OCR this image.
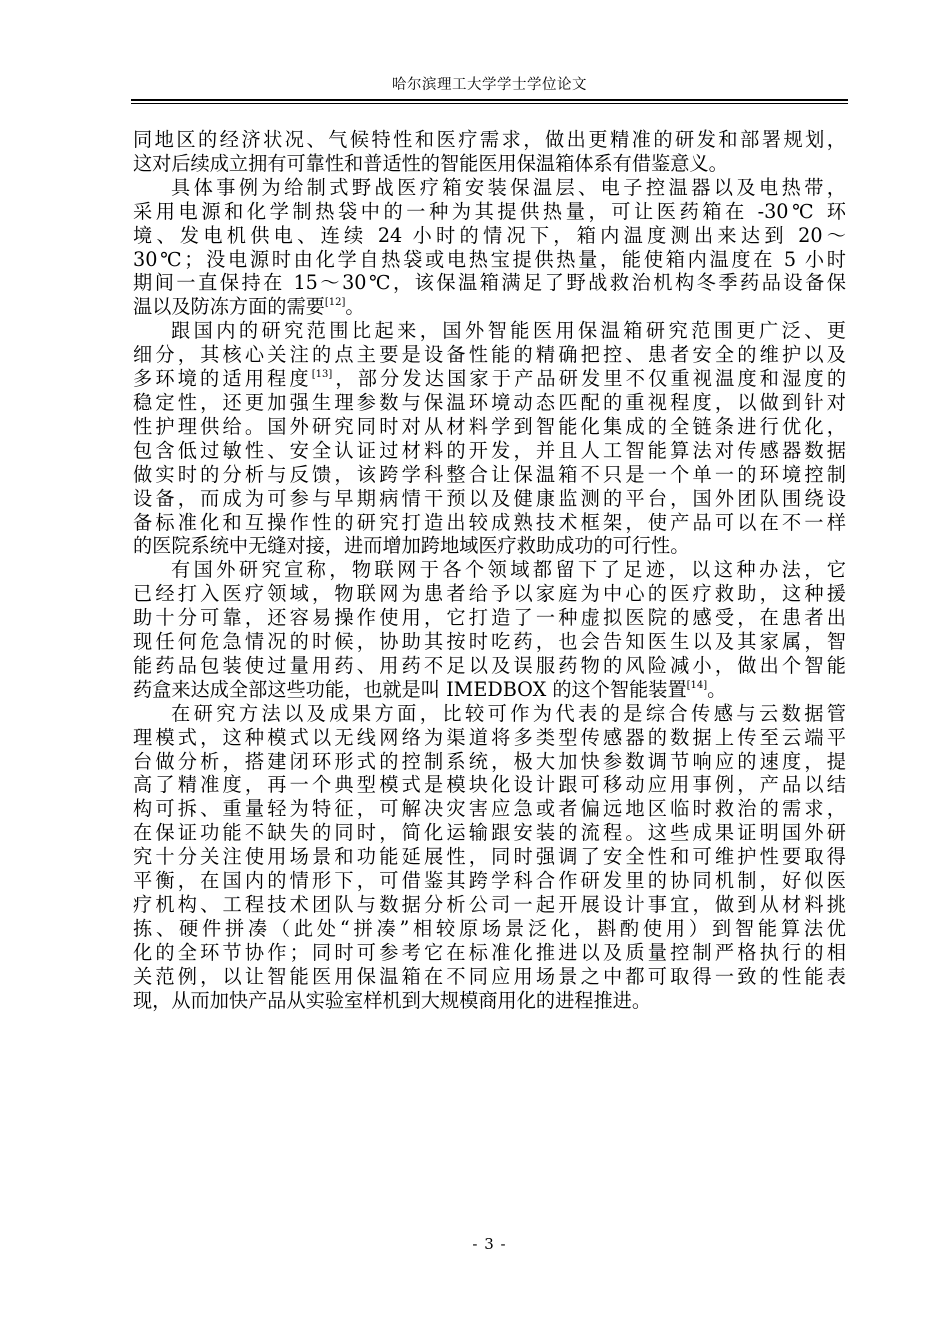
哈尔滨理工大学学士学位论文
同地区的经济状况、气候特性和医疗需求，做出更精准的研发和部署规划，
这对后续成立拥有可靠性和普适性的智能医用保温箱体系有借鉴意义。
具体事例为给制式野战医疗箱安装保温层、电子控温器以及电热带，
采用电源和化学制热袋中的一种为其提供热量，可让医药箱在 -30℃ 环
境、发电机供电、连续 24 小时的情况下，箱内温度测出来达到 20～
30℃；没电源时由化学自热袋或电热宝提供热量，能使箱内温度在 5 小时
期间一直保持在 15～30℃，该保温箱满足了野战救治机构冬季药品设备保
温以及防冻方面的需要[12]。
跟国内的研究范围比起来，国外智能医用保温箱研究范围更广泛、更
细分，其核心关注的点主要是设备性能的精确把控、患者安全的维护以及
多环境的适用程度[13]，部分发达国家于产品研发里不仅重视温度和湿度的
稳定性，还更加强生理参数与保温环境动态匹配的重视程度，以做到针对
性护理供给。国外研究同时对从材料学到智能化集成的全链条进行优化，
包含低过敏性、安全认证过材料的开发，并且人工智能算法对传感器数据
做实时的分析与反馈，该跨学科整合让保温箱不只是一个单一的环境控制
设备，而成为可参与早期病情干预以及健康监测的平台，国外团队围绕设
备标准化和互操作性的研究打造出较成熟技术框架，使产品可以在不一样
的医院系统中无缝对接，进而增加跨地域医疗救助成功的可行性。
有国外研究宣称，物联网于各个领域都留下了足迹，以这种办法，它
已经打入医疗领域，物联网为患者给予以家庭为中心的医疗救助，这种援
助十分可靠，还容易操作使用，它打造了一种虚拟医院的感受，在患者出
现任何危急情况的时候，协助其按时吃药，也会告知医生以及其家属，智
能药品包装使过量用药、用药不足以及误服药物的风险减小，做出个智能
药盒来达成全部这些功能，也就是叫 IMEDBOX 的这个智能装置[14]。
在研究方法以及成果方面，比较可作为代表的是综合传感与云数据管
理模式，这种模式以无线网络为渠道将多类型传感器的数据上传至云端平
台做分析，搭建闭环形式的控制系统，极大加快参数调节响应的速度，提
高了精准度，再一个典型模式是模块化设计跟可移动应用事例，产品以结
构可拆、重量轻为特征，可解决灾害应急或者偏远地区临时救治的需求，
在保证功能不缺失的同时，简化运输跟安装的流程。这些成果证明国外研
究十分关注使用场景和功能延展性，同时强调了安全性和可维护性要取得
平衡，在国内的情形下，可借鉴其跨学科合作研发里的协同机制，好似医
疗机构、工程技术团队与数据分析公司一起开展设计事宜，做到从材料挑
拣、硬件拼凑（此处“拼凑”相较原场景泛化，斟酌使用）到智能算法优
化的全环节协作；同时可参考它在标准化推进以及质量控制严格执行的相
关范例，以让智能医用保温箱在不同应用场景之中都可取得一致的性能表
现，从而加快产品从实验室样机到大规模商用化的进程推进。
- 3 -
